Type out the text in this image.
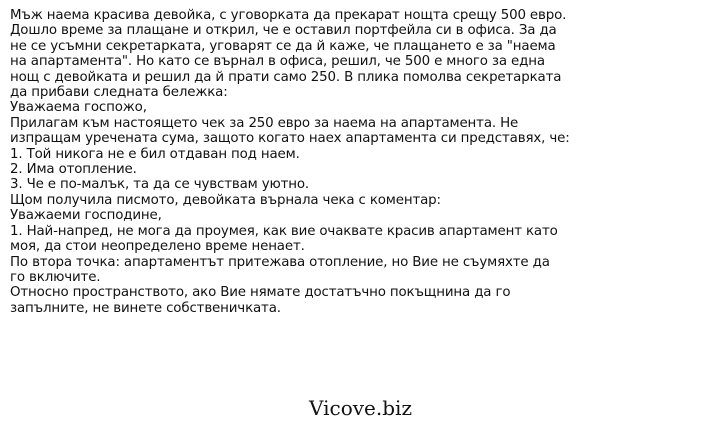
Мъж наема красива девойка, с уговорката да прекарат нощта срещу 500 евро.

Дошло време за плащане и открил, че е оставил портфейла си в офиса. За да

не се усъмни секретарката, уговарят се да й каже, че плащането е за "наема

на апартамента". Но като се върнал в офиса, решил, че 500 е много за една

нощ с девойката и решил да й прати само 250. В плика помолва секретарката

да прибави следната бележка:

Уважаема госпожо,

Прилагам към настоящето чек за 250 евро за наема на апартамента. Не

изпращам уречената сума, защото когато наех апартамента си представях, че:

1. Той никога не е бил отдаван под наем.

2. Има отопление.

3. Че е по-малък, та да се чувствам уютно.

Щом получила писмото, девойката върнала чека с коментар:

Уважаеми господине,

1. Най-напред, не мога да проумея, как вие очаквате красив апартамент като

моя, да стои неопределено време ненает.

По втора точка: апартаментът притежава отопление, но Вие не съумяхте да

го включите.

Относно пространството, ако Вие нямате достатъчно покъщнина да го

запълните, не винете собственичката.

Vicove.biz
